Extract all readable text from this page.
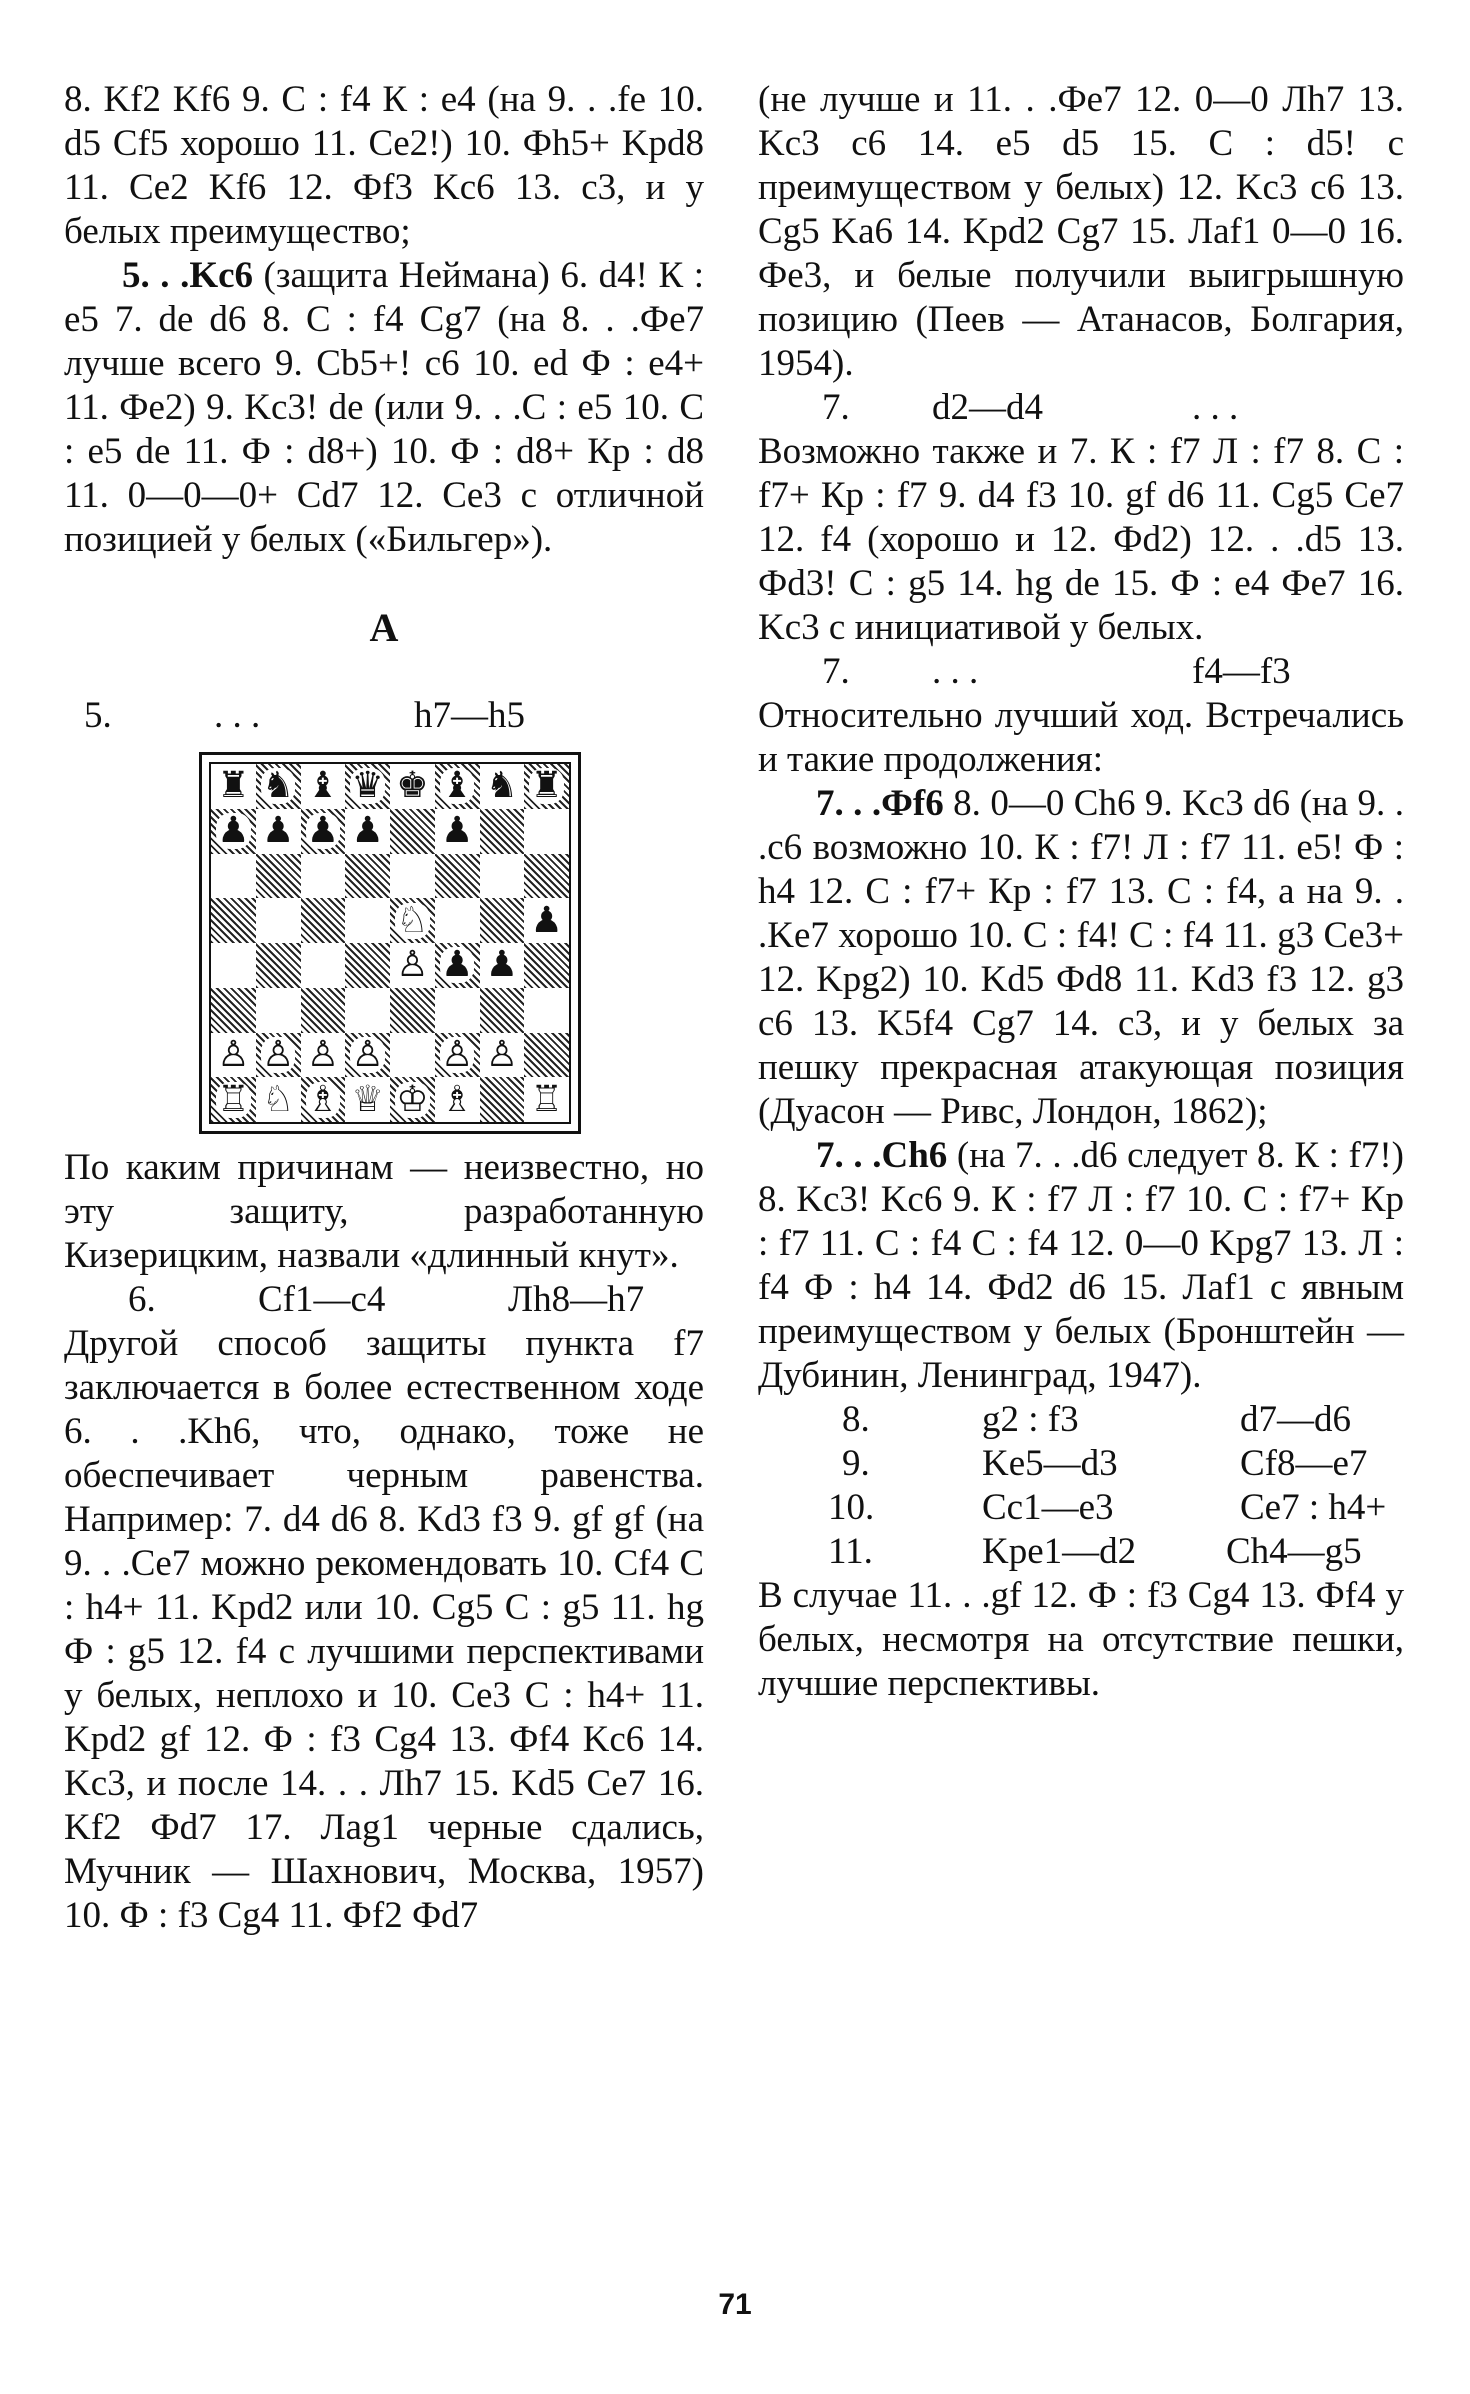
8. Kf2 Kf6 9. С : f4 К : e4 (на 9. . .fe 10. d5 Cf5 хорошо 11. Ce2!) 10. Фh5+ Kpd8 11. Ce2 Kf6 12. Фf3 Kc6 13. c3, и у белых преимущество;

5. . .Kc6 (защита Неймана) 6. d4! К : e5 7. de d6 8. С : f4 Cg7 (на 8. . .Фe7 лучше всего 9. Cb5+! c6 10. ed Ф : e4+ 11. Фe2) 9. Kc3! de (или 9. . .С : e5 10. С : e5 de 11. Ф : d8+) 10. Ф : d8+ Кр : d8 11. 0—0—0+ Cd7 12. Ce3 с отличной позицией у белых («Бильгер»).

A
5.	. . .	h7—h5
♜ ♞ ♝ ♛ ♚ ♝ ♞ ♜
♟ ♟ ♟ ♟ ♟
♘	♟
♙ ♟ ♟
♙ ♙ ♙ ♙ ♙ ♙
♖ ♘ ♗ ♕ ♔ ♗ ♖

По каким причинам — неизвестно, но эту защиту, разработанную Кизерицким, назвали «длинный кнут».

6.	Cf1—c4	Лh8—h7

Другой способ защиты пункта f7 заключается в более естественном ходе 6. . .Kh6, что, однако, тоже не обеспечивает черным равенства. Например: 7. d4 d6 8. Kd3 f3 9. gf gf (на 9. . .Ce7 можно рекомендовать 10. Cf4 С : h4+ 11. Kpd2 или 10. Cg5 С : g5 11. hg Ф : g5 12. f4 с лучшими перспективами у белых, неплохо и 10. Ce3 С : h4+ 11. Kpd2 gf 12. Ф : f3 Cg4 13. Фf4 Kc6 14. Kc3, и после 14. . . Лh7 15. Kd5 Ce7 16. Kf2 Фd7 17. Лag1 черные сдались, Мучник — Шахнович, Москва, 1957) 10. Ф : f3 Cg4 11. Фf2 Фd7

(не лучше и 11. . .Фe7 12. 0—0 Лh7 13. Kc3 c6 14. e5 d5 15. С : d5! с преимуществом у белых) 12. Kc3 c6 13. Cg5 Ka6 14. Kpd2 Cg7 15. Лaf1 0—0 16. Фe3, и белые получили выигрышную позицию (Пеев — Атанасов, Болгария, 1954).

7.	d2—d4	. . .

Возможно также и 7. К : f7 Л : f7 8. С : f7+ Кр : f7 9. d4 f3 10. gf d6 11. Cg5 Ce7 12. f4 (хорошо и 12. Фd2) 12. . .d5 13. Фd3! С : g5 14. hg de 15. Ф : e4 Фe7 16. Kc3 с инициативой у белых.

7.	. . .	f4—f3

Относительно лучший ход. Встречались и такие продолжения:

7. . .Фf6 8. 0—0 Ch6 9. Kc3 d6 (на 9. . .c6 возможно 10. К : f7! Л : f7 11. e5! Ф : h4 12. С : f7+ Кр : f7 13. С : f4, а на 9. . .Ke7 хорошо 10. С : f4! С : f4 11. g3 Ce3+ 12. Kpg2) 10. Kd5 Фd8 11. Kd3 f3 12. g3 c6 13. K5f4 Cg7 14. c3, и у белых за пешку прекрасная атакующая позиция (Дуасон — Ривс, Лондон, 1862);

7. . .Ch6 (на 7. . .d6 следует 8. К : f7!) 8. Kc3! Kc6 9. К : f7 Л : f7 10. С : f7+ Кр : f7 11. С : f4 С : f4 12. 0—0 Kpg7 13. Л : f4 Ф : h4 14. Фd2 d6 15. Лaf1 с явным преимуществом у белых (Бронштейн — Дубинин, Ленинград, 1947).

8.	g2 : f3	d7—d6
9.	Ke5—d3	Cf8—e7
10.	Cc1—e3	Ce7 : h4+
11.	Kpe1—d2	Ch4—g5

В случае 11. . .gf 12. Ф : f3 Cg4 13. Фf4 у белых, несмотря на отсутствие пешки, лучшие перспективы.

71
